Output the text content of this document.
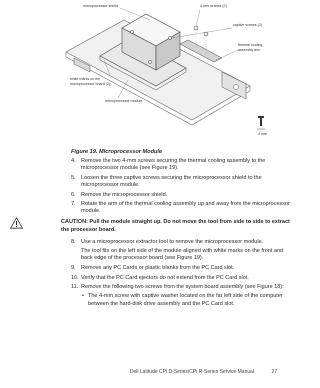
microprocessor shield	4-mm screws (2)
captive screws (3)
thermal cooling
assembly arm
white marks on the
microprocessor board (2)
microprocessor module
4 mm
Figure 19. Microprocessor Module
4. Remove the two 4-mm screws securing the thermal cooling assembly to the microprocessor module (see Figure 19).
5. Loosen the three captive screws securing the microprocessor shield to the microprocessor module.
6. Remove the microprocessor shield.
7. Rotate the arm of the thermal cooling assembly up and away from the microprocessor module.
CAUTION: Pull the module straight up. Do not move the tool from side to side to extract the processor board.
8. Use a microprocessor extractor tool to remove the microprocessor module.
The tool fits on the left side of the module aligned with white marks on the front and back edge of the processor board (see Figure 19).
9. Remove any PC Cards or plastic blanks from the PC Card slot.
10. Verify that the PC Card ejectors do not extend from the PC Card slot.
11. Remove the following two screws from the system board assembly (see Figure 18):
• The 4-mm screw with captive washer located on the far left side of the computer between the hard-disk drive assembly and the PC Card slot.
Dell Latitude CPi D-Series/CPi R-Series Service Manual	27
